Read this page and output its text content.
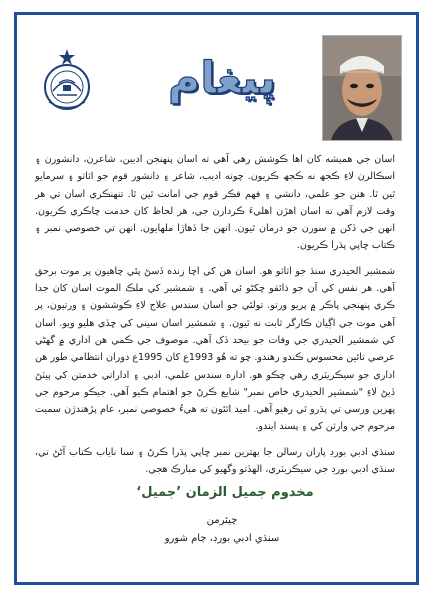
پيغام

اسان جي هميشه کان اها ڪوشش رهي آهي ته اسان پنهنجن اديبن، شاعرن، دانشورن ۽ اسڪالرن لاءِ ڪجھ نه ڪجھ ڪريون. چوته اديب، شاعر ۽ دانشور قوم جو اثاثو ۽ سرمايو ٿين ٿا. هنن جو علمي، دانشي ۽ فهم فڪر قوم جي امانت ٿين ٿا. تنهنڪري اسان تي هر وقت لازم آهي ته اسان اهڙن اهليءَ ڪردارن جي، هر لحاظ کان خدمت چاڪري ڪريون. انهن جي ڏکن ۾ سورن جو درمان ٿيون. انهن جا ڏهاڙا ملهايون. انهن تي خصوصي نمبر ۽ ڪتاب ڇاپي پڌرا ڪريون.

شمشير الحيدري سنڌ جو اثاثو هو. اسان هن کي اچا زنده ڏسڻ پئي چاهيون پر موت برحق آهي. هر نفس کي آن جو ذائقو چکڻو ئي آهي. ۽ شمشير کي ملڪ الموت اسان کان جدا ڪري پنهنجي پاڪر ۾ پريو ورتو. تولئي جو اسان سندس علاج لاءِ ڪوششون ۽ ورتيون، پر آهي موت جي اڳيان ڪارگر ثابت نه ٿيون. ۽ شمشير اسان سيني کي ڇڏي هليو ويو. اسان کي شمشير الحيدري جي وفات جو بيحد ڏک آهي. موصوف جي ڪمي هن اداري ۾ گهڻي عرصي تائين محسوس ڪندو رهندو. چو ته هُو 1993ع کان 1995ع دوران انتظامي طور هن اداري جو سيڪريٽري رهي چڪو هو. اداره سندس علمي، ادبي ۽ اداراتي خدمتن کي پيٽڻ ڏيڻ لاءِ "شمشير الحيدري خاص نمبر" شايع ڪرڻ جو اهتمام ڪيو آهي. جيڪو مرحوم جي پهرين ورسي تي پڌرو ٿي رهيو آهي. اميد اٿئون ته هيءُ خصوصي نمبر، عام پڙهندڙن سميت مرحوم جي وارثن کي ۽ پسند ايندو.

سنڌي ادبي بورڊ پاران رسالن جا بهترين نمبر ڇاپي پڌرا ڪرڻ ۽ سنا ناياب ڪتاب آڻڻ تي، سنڌي ادبي بورڊ جي سيڪريٽري، الهڏتو وگهيو کي مبارڪ هجي.

مخدوم جميل الزمان ’جميل‘
چيئرمن
سنڌي ادبي بورڊ، ڄام شورو
